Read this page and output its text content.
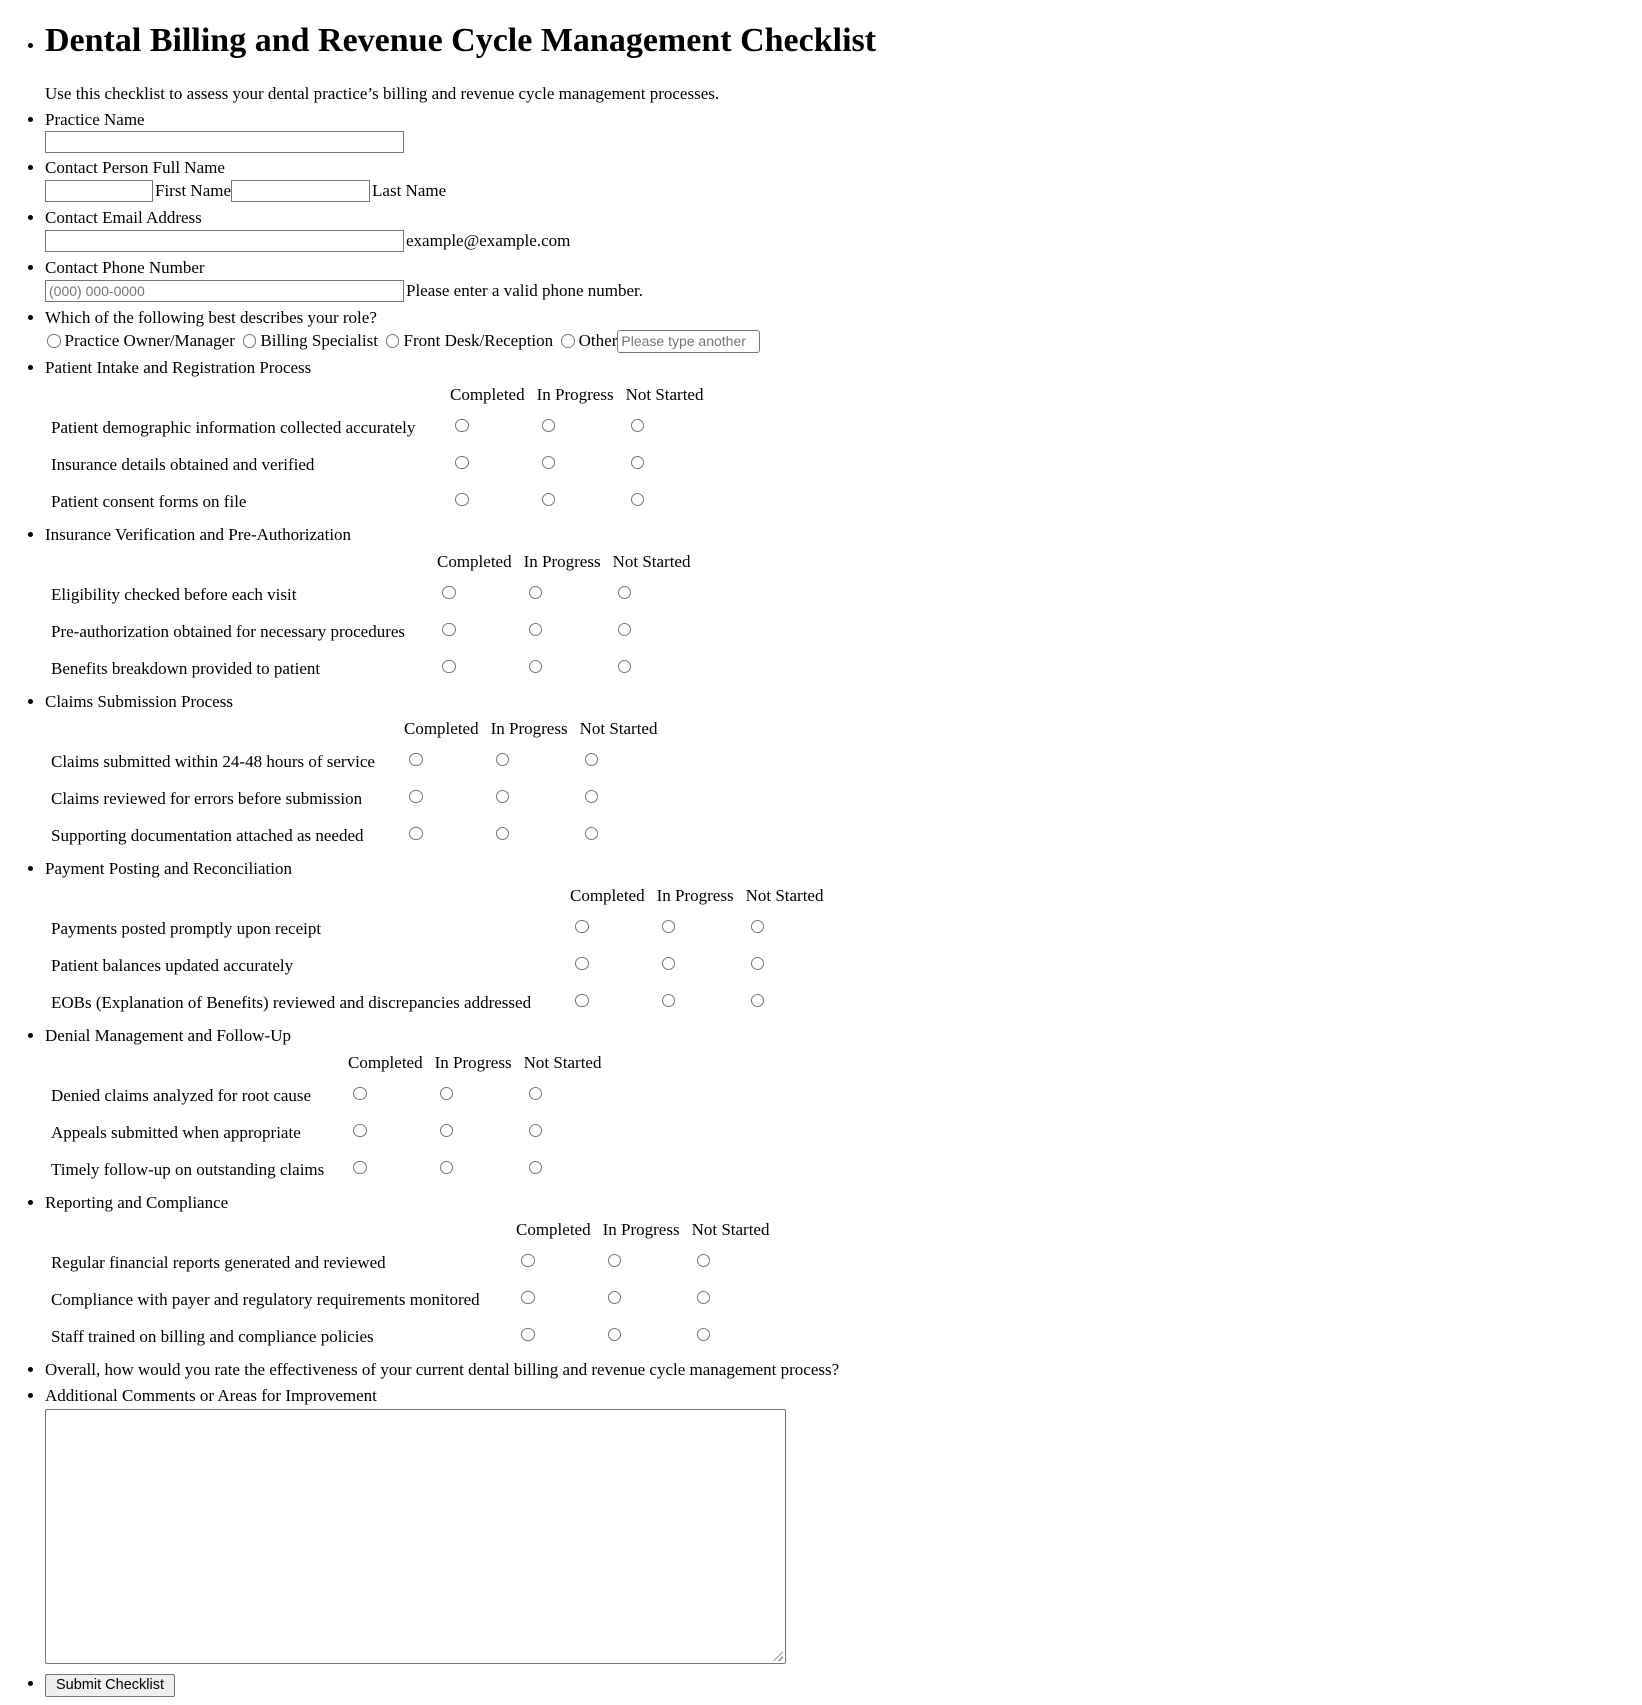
• Dental Billing and Revenue Cycle Management Checklist
Use this checklist to assess your dental practice’s billing and revenue cycle management processes.
• Practice Name
• Contact Person Full Name
First Name	Last Name
• Contact Email Address
example@example.com
• Contact Phone Number
(000) 000-0000
Please enter a valid phone number.
• Which of the following best describes your role?
Practice Owner/Manager Billing Specialist Front Desk/Reception Other
Please type another
• Patient Intake and Registration Process
	Completed	In Progress	Not Started
Patient demographic information collected accurately			
Insurance details obtained and verified			
Patient consent forms on file			
• Insurance Verification and Pre-Authorization
	Completed	In Progress	Not Started
Eligibility checked before each visit			
Pre-authorization obtained for necessary procedures			
Benefits breakdown provided to patient			
• Claims Submission Process
	Completed	In Progress	Not Started
Claims submitted within 24-48 hours of service			
Claims reviewed for errors before submission			
Supporting documentation attached as needed			
• Payment Posting and Reconciliation
	Completed	In Progress	Not Started
Payments posted promptly upon receipt			
Patient balances updated accurately			
EOBs (Explanation of Benefits) reviewed and discrepancies addressed			
• Denial Management and Follow-Up
	Completed	In Progress	Not Started
Denied claims analyzed for root cause			
Appeals submitted when appropriate			
Timely follow-up on outstanding claims			
• Reporting and Compliance
	Completed	In Progress	Not Started
Regular financial reports generated and reviewed			
Compliance with payer and regulatory requirements monitored			
Staff trained on billing and compliance policies			
• Overall, how would you rate the effectiveness of your current dental billing and revenue cycle management process?
• Additional Comments or Areas for Improvement
• Submit Checklist
